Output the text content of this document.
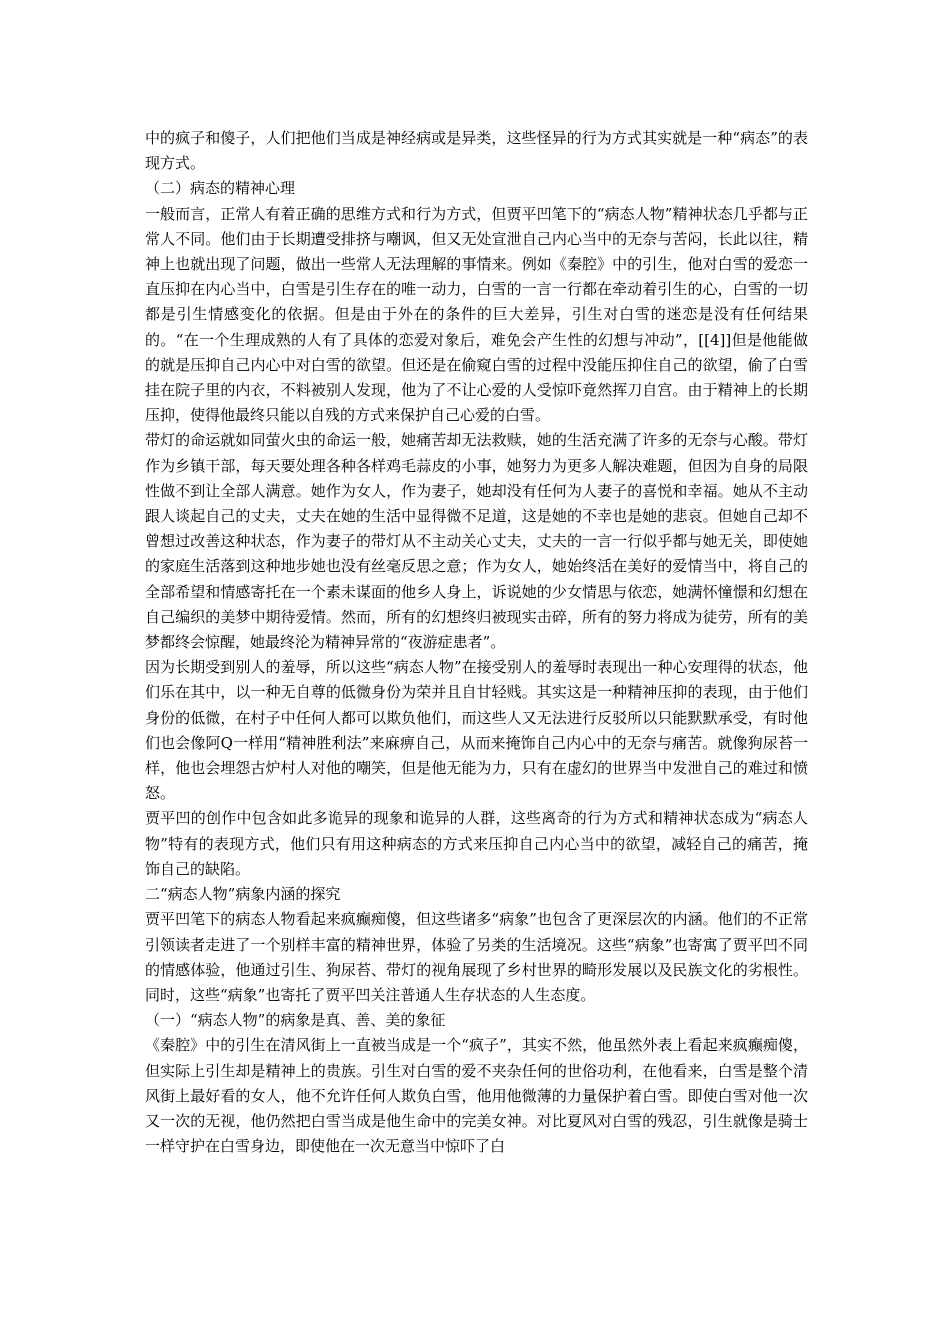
中的疯子和傻子，人们把他们当成是神经病或是异类，这些怪异的行为方式其实就是一种“病态”的表现方式。

（二）病态的精神心理

一般而言，正常人有着正确的思维方式和行为方式，但贾平凹笔下的“病态人物”精神状态几乎都与正常人不同。他们由于长期遭受排挤与嘲讽，但又无处宣泄自己内心当中的无奈与苦闷，长此以往，精神上也就出现了问题，做出一些常人无法理解的事情来。例如《秦腔》中的引生，他对白雪的爱恋一直压抑在内心当中，白雪是引生存在的唯一动力，白雪的一言一行都在牵动着引生的心，白雪的一切都是引生情感变化的依据。但是由于外在的条件的巨大差异，引生对白雪的迷恋是没有任何结果的。“在一个生理成熟的人有了具体的恋爱对象后，难免会产生性的幻想与冲动”，[[4]]但是他能做的就是压抑自己内心中对白雪的欲望。但还是在偷窥白雪的过程中没能压抑住自己的欲望，偷了白雪挂在院子里的内衣，不料被别人发现，他为了不让心爱的人受惊吓竟然挥刀自宫。由于精神上的长期压抑，使得他最终只能以自残的方式来保护自己心爱的白雪。

带灯的命运就如同萤火虫的命运一般，她痛苦却无法救赎，她的生活充满了许多的无奈与心酸。带灯作为乡镇干部，每天要处理各种各样鸡毛蒜皮的小事，她努力为更多人解决难题，但因为自身的局限性做不到让全部人满意。她作为女人，作为妻子，她却没有任何为人妻子的喜悦和幸福。她从不主动跟人谈起自己的丈夫，丈夫在她的生活中显得微不足道，这是她的不幸也是她的悲哀。但她自己却不曾想过改善这种状态，作为妻子的带灯从不主动关心丈夫，丈夫的一言一行似乎都与她无关，即使她的家庭生活落到这种地步她也没有丝毫反思之意；作为女人，她始终活在美好的爱情当中，将自己的全部希望和情感寄托在一个素未谋面的他乡人身上，诉说她的少女情思与依恋，她满怀憧憬和幻想在自己编织的美梦中期待爱情。然而，所有的幻想终归被现实击碎，所有的努力将成为徒劳，所有的美梦都终会惊醒，她最终沦为精神异常的“夜游症患者”。

因为长期受到别人的羞辱，所以这些“病态人物”在接受别人的羞辱时表现出一种心安理得的状态，他们乐在其中，以一种无自尊的低微身份为荣并且自甘轻贱。其实这是一种精神压抑的表现，由于他们身份的低微，在村子中任何人都可以欺负他们，而这些人又无法进行反驳所以只能默默承受，有时他们也会像阿Q一样用“精神胜利法”来麻痹自己，从而来掩饰自己内心中的无奈与痛苦。就像狗尿苔一样，他也会埋怨古炉村人对他的嘲笑，但是他无能为力，只有在虚幻的世界当中发泄自己的难过和愤怒。

贾平凹的创作中包含如此多诡异的现象和诡异的人群，这些离奇的行为方式和精神状态成为“病态人物”特有的表现方式，他们只有用这种病态的方式来压抑自己内心当中的欲望，减轻自己的痛苦，掩饰自己的缺陷。

二“病态人物”病象内涵的探究

贾平凹笔下的病态人物看起来疯癫痴傻，但这些诸多“病象”也包含了更深层次的内涵。他们的不正常引领读者走进了一个别样丰富的精神世界，体验了另类的生活境况。这些“病象”也寄寓了贾平凹不同的情感体验，他通过引生、狗尿苔、带灯的视角展现了乡村世界的畸形发展以及民族文化的劣根性。同时，这些“病象”也寄托了贾平凹关注普通人生存状态的人生态度。

（一）“病态人物”的病象是真、善、美的象征

《秦腔》中的引生在清风街上一直被当成是一个“疯子”，其实不然，他虽然外表上看起来疯癫痴傻，但实际上引生却是精神上的贵族。引生对白雪的爱不夹杂任何的世俗功利，在他看来，白雪是整个清风街上最好看的女人，他不允许任何人欺负白雪，他用他微薄的力量保护着白雪。即使白雪对他一次又一次的无视，他仍然把白雪当成是他生命中的完美女神。对比夏风对白雪的残忍，引生就像是骑士一样守护在白雪身边，即使他在一次无意当中惊吓了白
